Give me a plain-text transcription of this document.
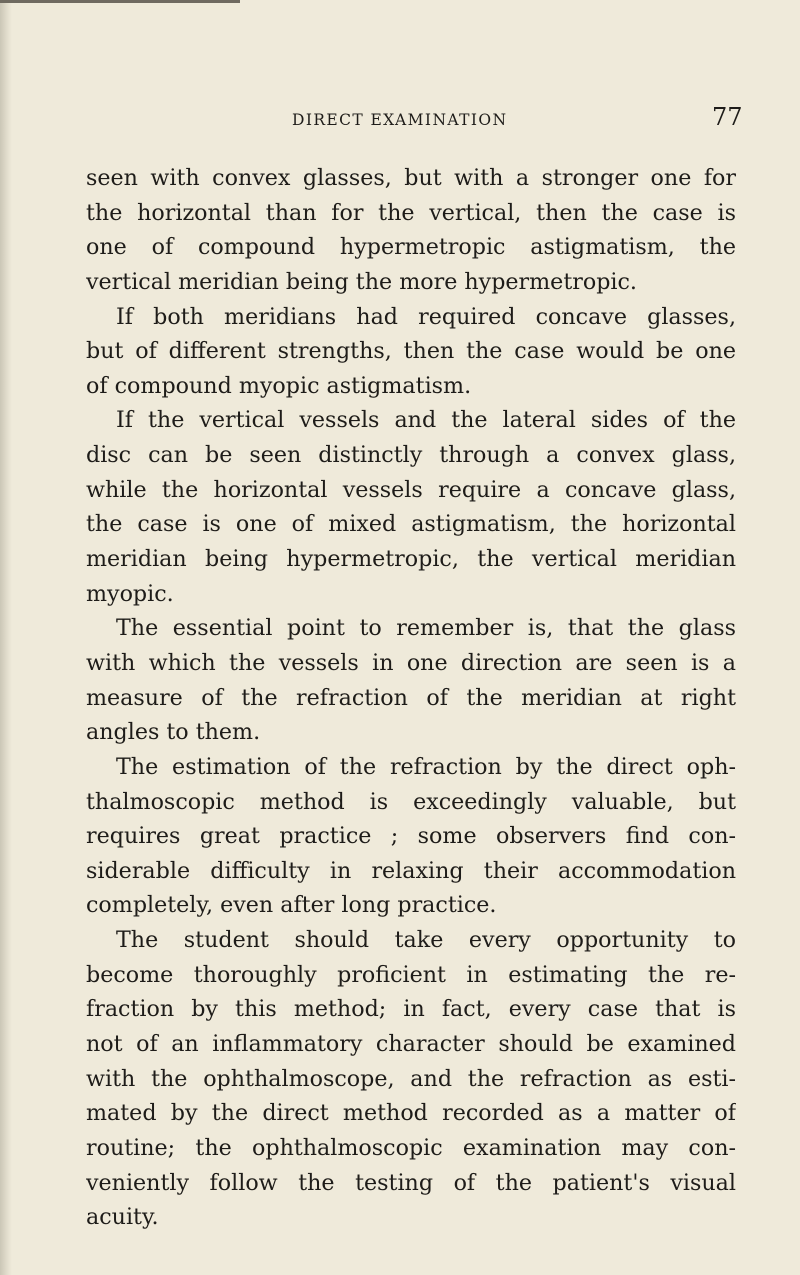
DIRECT EXAMINATION	77
seen with convex glasses, but with a stronger one for
the horizontal than for the vertical, then the case is
one of compound hypermetropic astigmatism, the
vertical meridian being the more hypermetropic.
If both meridians had required concave glasses,
but of different strengths, then the case would be one
of compound myopic astigmatism.
If the vertical vessels and the lateral sides of the
disc can be seen distinctly through a convex glass,
while the horizontal vessels require a concave glass,
the case is one of mixed astigmatism, the horizontal
meridian being hypermetropic, the vertical meridian
myopic.
The essential point to remember is, that the glass
with which the vessels in one direction are seen is a
measure of the refraction of the meridian at right
angles to them.
The estimation of the refraction by the direct oph-
thalmoscopic method is exceedingly valuable, but
requires great practice ; some observers find con-
siderable difficulty in relaxing their accommodation
completely, even after long practice.
The student should take every opportunity to
become thoroughly proficient in estimating the re-
fraction by this method; in fact, every case that is
not of an inflammatory character should be examined
with the ophthalmoscope, and the refraction as esti-
mated by the direct method recorded as a matter of
routine; the ophthalmoscopic examination may con-
veniently follow the testing of the patient's visual
acuity.
